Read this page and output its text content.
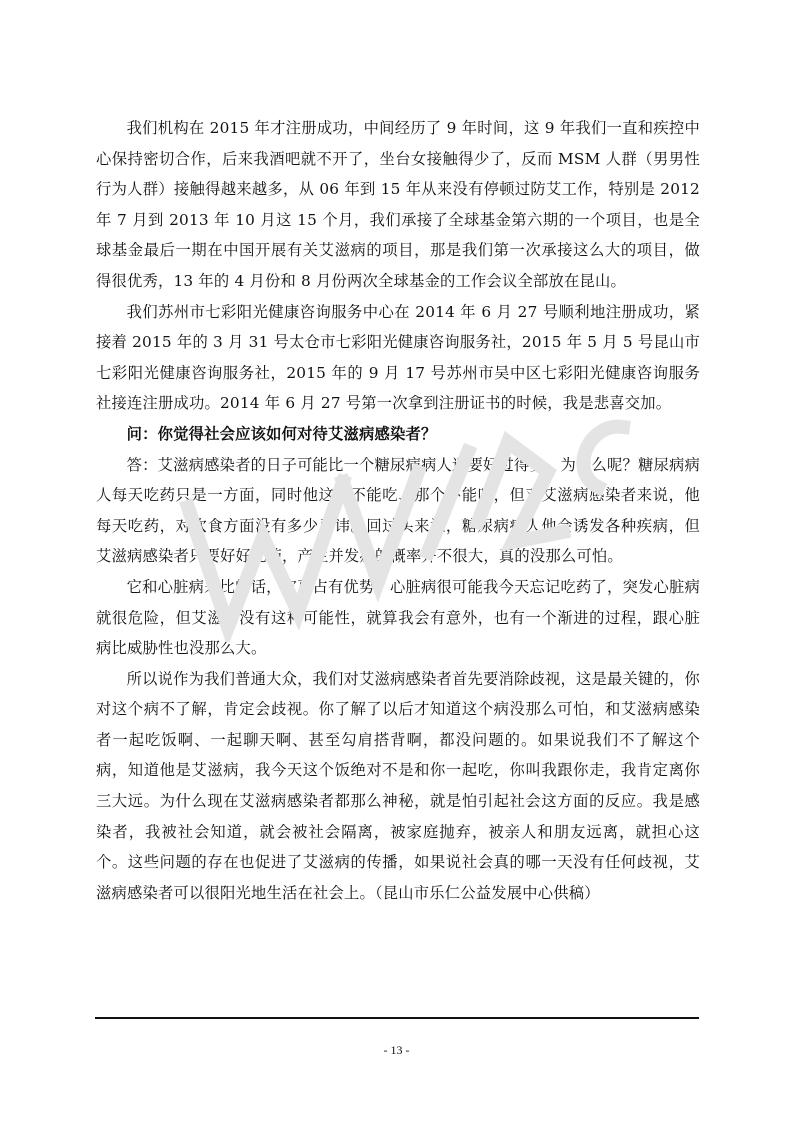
我们机构在 2015 年才注册成功，中间经历了 9 年时间，这 9 年我们一直和疾控中心保持密切合作，后来我酒吧就不开了，坐台女接触得少了，反而 MSM 人群（男男性行为人群）接触得越来越多，从 06 年到 15 年从来没有停顿过防艾工作，特别是 2012 年 7 月到 2013 年 10 月这 15 个月，我们承接了全球基金第六期的一个项目，也是全球基金最后一期在中国开展有关艾滋病的项目，那是我们第一次承接这么大的项目，做得很优秀，13 年的 4 月份和 8 月份两次全球基金的工作会议全部放在昆山。

我们苏州市七彩阳光健康咨询服务中心在 2014 年 6 月 27 号顺利地注册成功，紧接着 2015 年的 3 月 31 号太仓市七彩阳光健康咨询服务社，2015 年 5 月 5 号昆山市七彩阳光健康咨询服务社，2015 年的 9 月 17 号苏州市吴中区七彩阳光健康咨询服务社接连注册成功。2014 年 6 月 27 号第一次拿到注册证书的时候，我是悲喜交加。

问：你觉得社会应该如何对待艾滋病感染者？

答：艾滋病感染者的日子可能比一个糖尿病病人还要好过得多，为什么呢？糖尿病病人每天吃药只是一方面，同时他这个不能吃、那个不能吃，但对艾滋病感染者来说，他每天吃药，对饮食方面没有多少忌讳。回过头来说，糖尿病病人他会诱发各种疾病，但艾滋病感染者只要好好吃药，产生并发症的概率并不很大，真的没那么可怕。

它和心脏病来比的话，它更占有优势，心脏病很可能我今天忘记吃药了，突发心脏病就很危险，但艾滋病没有这种可能性，就算我会有意外，也有一个渐进的过程，跟心脏病比威胁性也没那么大。

所以说作为我们普通大众，我们对艾滋病感染者首先要消除歧视，这是最关键的，你对这个病不了解，肯定会歧视。你了解了以后才知道这个病没那么可怕，和艾滋病感染者一起吃饭啊、一起聊天啊、甚至勾肩搭背啊，都没问题的。如果说我们不了解这个病，知道他是艾滋病，我今天这个饭绝对不是和你一起吃，你叫我跟你走，我肯定离你三大远。为什么现在艾滋病感染者都那么神秘，就是怕引起社会这方面的反应。我是感染者，我被社会知道，就会被社会隔离，被家庭抛弃，被亲人和朋友远离，就担心这个。这些问题的存在也促进了艾滋病的传播，如果说社会真的哪一天没有任何歧视，艾滋病感染者可以很阳光地生活在社会上。（昆山市乐仁公益发展中心供稿）

- 13 -
